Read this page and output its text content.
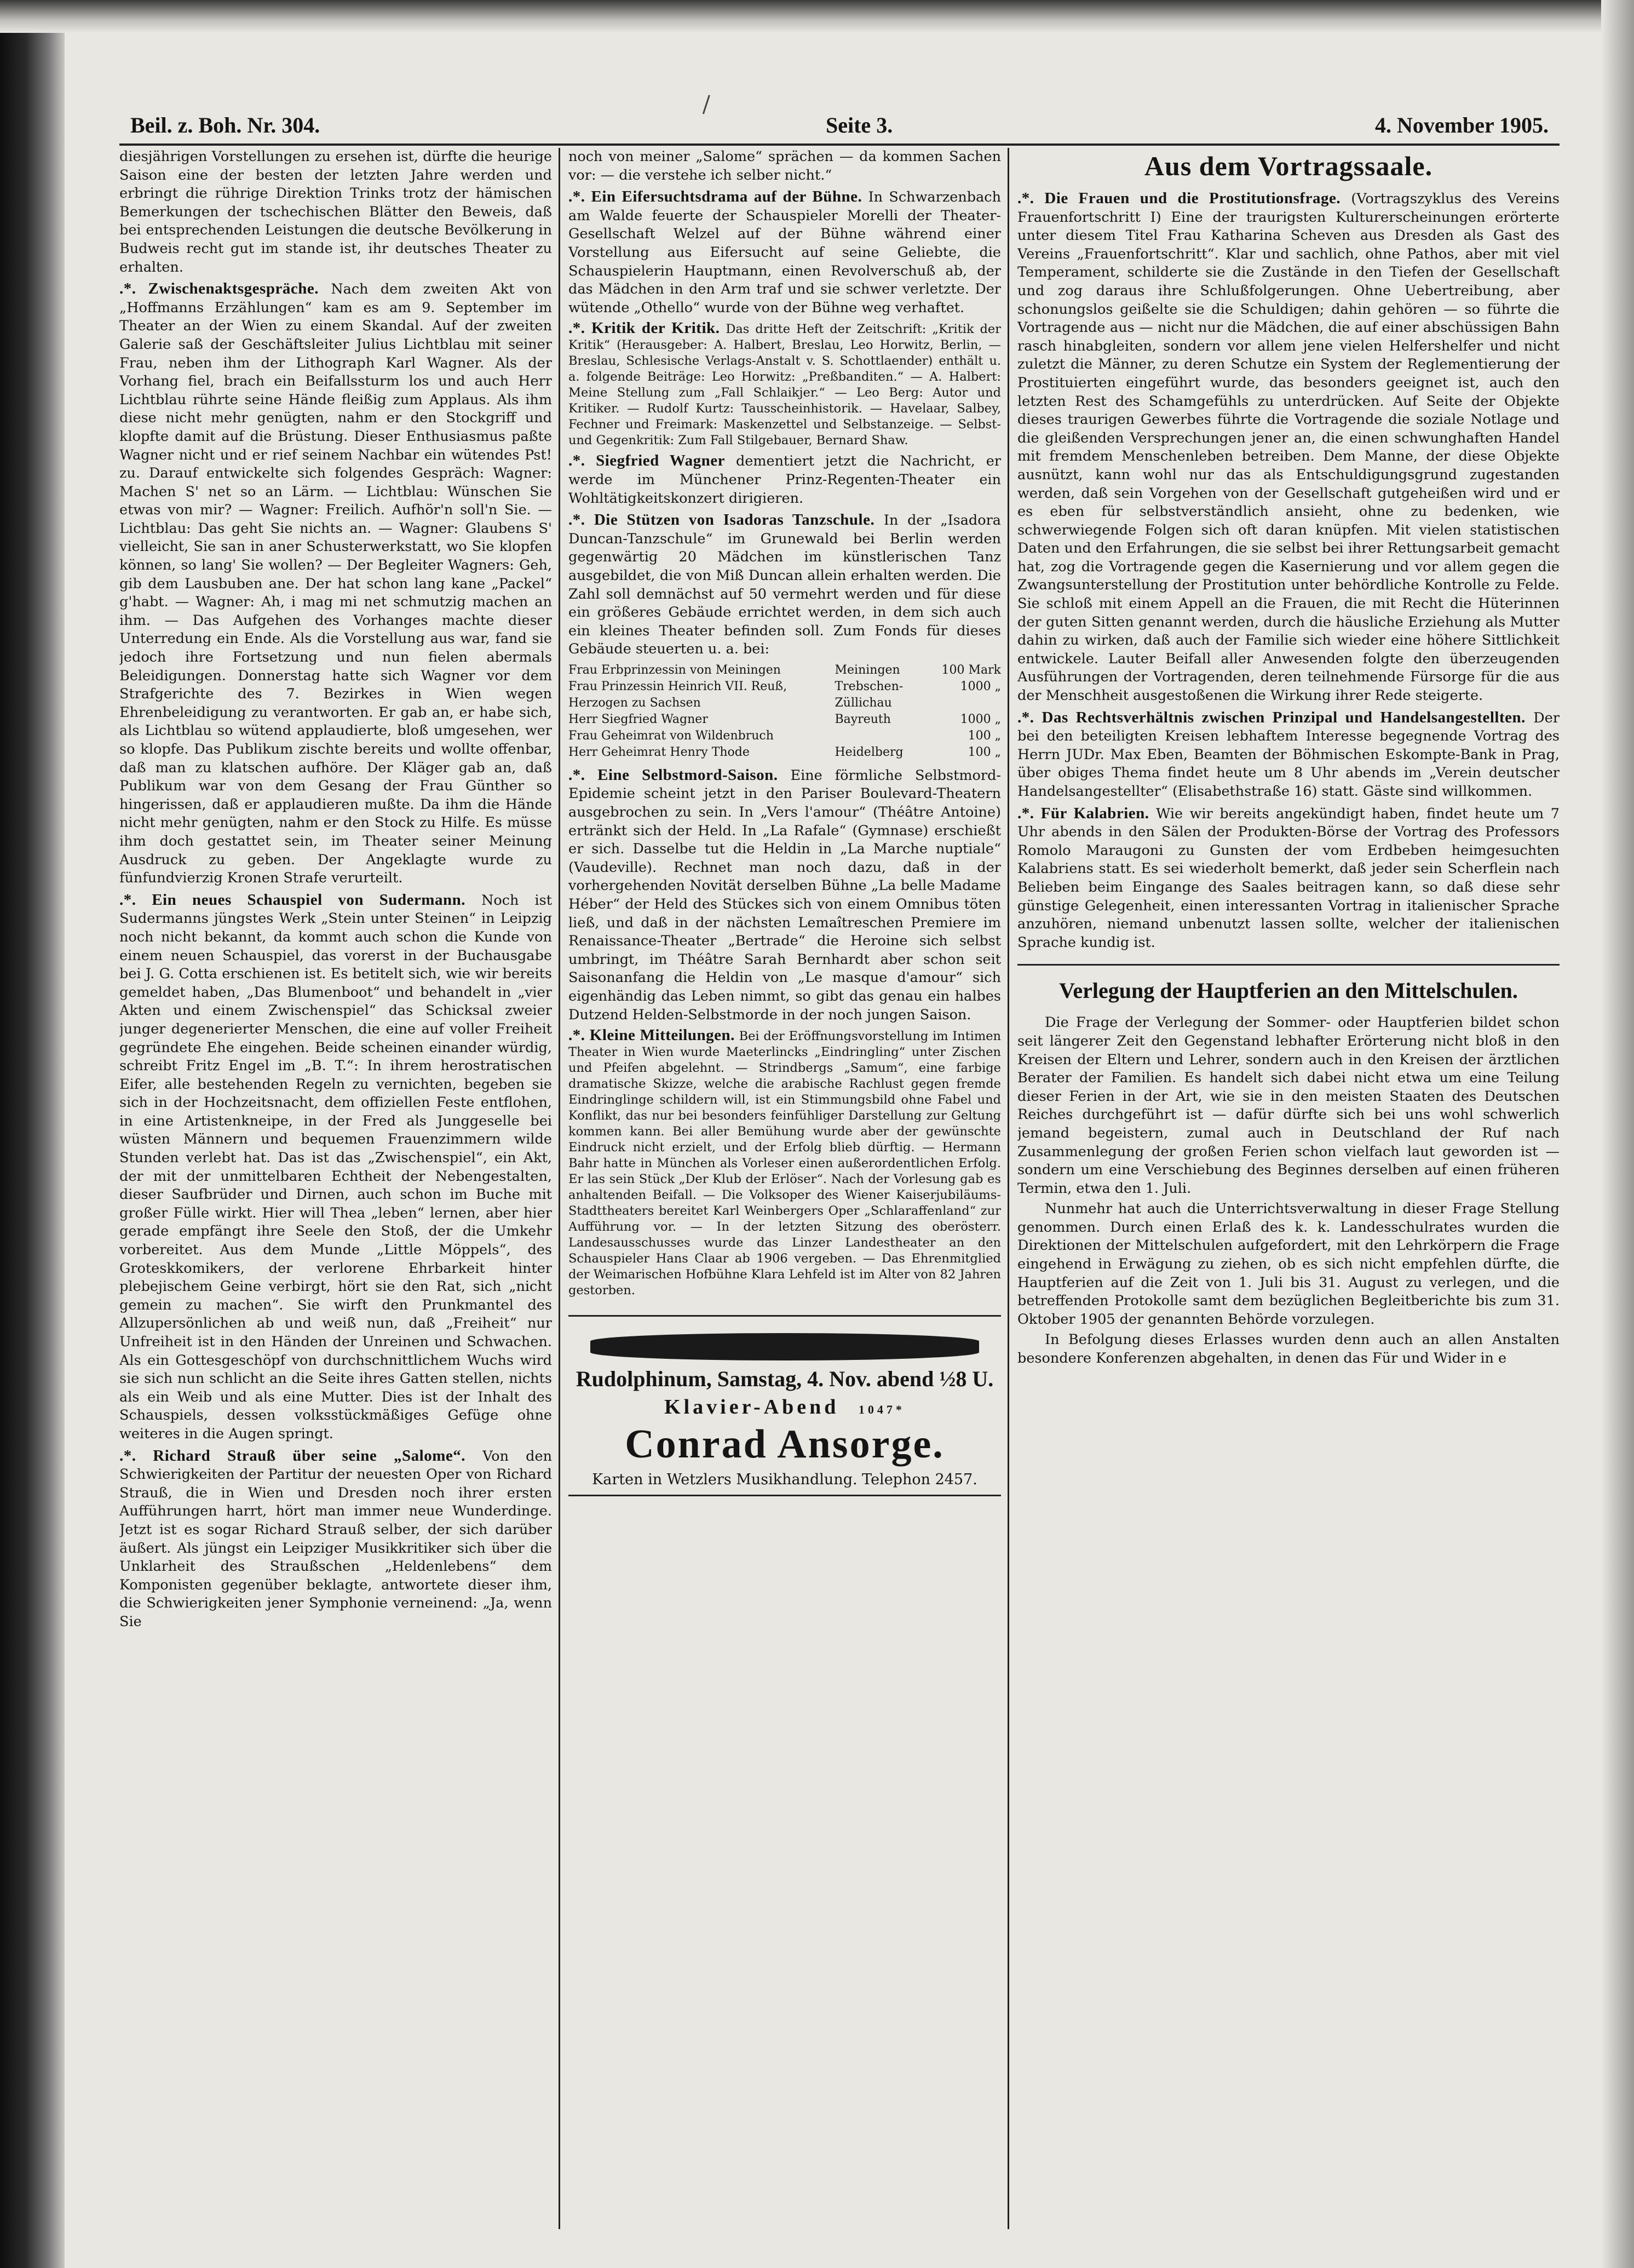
Beil. z. Boh. Nr. 304.	Seite 3.	4. November 1905.

diesjährigen Vorstellungen zu ersehen ist, dürfte die heurige Saison eine der besten der letzten Jahre werden und erbringt die rührige Direktion Trinks trotz der hämischen Bemerkungen der tschechischen Blätter den Beweis, daß bei entsprechenden Leistungen die deutsche Bevölkerung in Budweis recht gut im stande ist, ihr deutsches Theater zu erhalten.

.*. Zwischenaktsgespräche. Nach dem zweiten Akt von „Hoffmanns Erzählungen“ kam es am 9. September im Theater an der Wien zu einem Skandal. Auf der zweiten Galerie saß der Geschäftsleiter Julius Lichtblau mit seiner Frau, neben ihm der Lithograph Karl Wagner. Als der Vorhang fiel, brach ein Beifallssturm los und auch Herr Lichtblau rührte seine Hände fleißig zum Applaus. Als ihm diese nicht mehr genügten, nahm er den Stockgriff und klopfte damit auf die Brüstung. Dieser Enthusiasmus paßte Wagner nicht und er rief seinem Nachbar ein wütendes Pst! zu. Darauf entwickelte sich folgendes Gespräch: Wagner: Machen S' net so an Lärm. — Lichtblau: Wünschen Sie etwas von mir? — Wagner: Freilich. Aufhör'n soll'n Sie. — Lichtblau: Das geht Sie nichts an. — Wagner: Glaubens S' vielleicht, Sie san in aner Schusterwerkstatt, wo Sie klopfen können, so lang' Sie wollen? — Der Begleiter Wagners: Geh, gib dem Lausbuben ane. Der hat schon lang kane „Packel“ g'habt. — Wagner: Ah, i mag mi net schmutzig machen an ihm. — Das Aufgehen des Vorhanges machte dieser Unterredung ein Ende. Als die Vorstellung aus war, fand sie jedoch ihre Fortsetzung und nun fielen abermals Beleidigungen. Donnerstag hatte sich Wagner vor dem Strafgerichte des 7. Bezirkes in Wien wegen Ehrenbeleidigung zu verantworten. Er gab an, er habe sich, als Lichtblau so wütend applaudierte, bloß umgesehen, wer so klopfe. Das Publikum zischte bereits und wollte offenbar, daß man zu klatschen aufhöre. Der Kläger gab an, daß Publikum war von dem Gesang der Frau Günther so hingerissen, daß er applaudieren mußte. Da ihm die Hände nicht mehr genügten, nahm er den Stock zu Hilfe. Es müsse ihm doch gestattet sein, im Theater seiner Meinung Ausdruck zu geben. Der Angeklagte wurde zu fünfundvierzig Kronen Strafe verurteilt.

.*. Ein neues Schauspiel von Sudermann. Noch ist Sudermanns jüngstes Werk „Stein unter Steinen“ in Leipzig noch nicht bekannt, da kommt auch schon die Kunde von einem neuen Schauspiel, das vorerst in der Buchausgabe bei J. G. Cotta erschienen ist. Es betitelt sich, wie wir bereits gemeldet haben, „Das Blumenboot“ und behandelt in „vier Akten und einem Zwischenspiel“ das Schicksal zweier junger degenerierter Menschen, die eine auf voller Freiheit gegründete Ehe eingehen. Beide scheinen einander würdig, schreibt Fritz Engel im „B. T.“: In ihrem herostratischen Eifer, alle bestehenden Regeln zu vernichten, begeben sie sich in der Hochzeitsnacht, dem offiziellen Feste entflohen, in eine Artistenkneipe, in der Fred als Junggeselle bei wüsten Männern und bequemen Frauenzimmern wilde Stunden verlebt hat. Das ist das „Zwischenspiel“, ein Akt, der mit der unmittelbaren Echtheit der Nebengestalten, dieser Saufbrüder und Dirnen, auch schon im Buche mit großer Fülle wirkt. Hier will Thea „leben“ lernen, aber hier gerade empfängt ihre Seele den Stoß, der die Umkehr vorbereitet. Aus dem Munde „Little Möppels“, des Groteskkomikers, der verlorene Ehrbarkeit hinter plebejischem Geine verbirgt, hört sie den Rat, sich „nicht gemein zu machen“. Sie wirft den Prunkmantel des Allzupersönlichen ab und weiß nun, daß „Freiheit“ nur Unfreiheit ist in den Händen der Unreinen und Schwachen. Als ein Gottesgeschöpf von durchschnittlichem Wuchs wird sie sich nun schlicht an die Seite ihres Gatten stellen, nichts als ein Weib und als eine Mutter. Dies ist der Inhalt des Schauspiels, dessen volksstückmäßiges Gefüge ohne weiteres in die Augen springt.

.*. Richard Strauß über seine „Salome“. Von den Schwierigkeiten der Partitur der neuesten Oper von Richard Strauß, die in Wien und Dresden noch ihrer ersten Aufführungen harrt, hört man immer neue Wunderdinge. Jetzt ist es sogar Richard Strauß selber, der sich darüber äußert. Als jüngst ein Leipziger Musikkritiker sich über die Unklarheit des Straußschen „Heldenlebens“ dem Komponisten gegenüber beklagte, antwortete dieser ihm, die Schwierigkeiten jener Symphonie verneinend: „Ja, wenn Sie

noch von meiner „Salome“ sprächen — da kommen Sachen vor: — die verstehe ich selber nicht.“

.*. Ein Eifersuchtsdrama auf der Bühne. In Schwarzenbach am Walde feuerte der Schauspieler Morelli der Theater-Gesellschaft Welzel auf der Bühne während einer Vorstellung aus Eifersucht auf seine Geliebte, die Schauspielerin Hauptmann, einen Revolverschuß ab, der das Mädchen in den Arm traf und sie schwer verletzte. Der wütende „Othello“ wurde von der Bühne weg verhaftet.

.*. Kritik der Kritik. Das dritte Heft der Zeitschrift: „Kritik der Kritik“ (Herausgeber: A. Halbert, Breslau, Leo Horwitz, Berlin, — Breslau, Schlesische Verlags-Anstalt v. S. Schottlaender) enthält u. a. folgende Beiträge: Leo Horwitz: „Preßbanditen.“ — A. Halbert: Meine Stellung zum „Fall Schlaikjer.“ — Leo Berg: Autor und Kritiker. — Rudolf Kurtz: Tausscheinhistorik. — Havelaar, Salbey, Fechner und Freimark: Maskenzettel und Selbstanzeige. — Selbst- und Gegenkritik: Zum Fall Stilgebauer, Bernard Shaw.

.*. Siegfried Wagner dementiert jetzt die Nachricht, er werde im Münchener Prinz-Regenten-Theater ein Wohltätigkeitskonzert dirigieren.

.*. Die Stützen von Isadoras Tanzschule. In der „Isadora Duncan-Tanzschule“ im Grunewald bei Berlin werden gegenwärtig 20 Mädchen im künstlerischen Tanz ausgebildet, die von Miß Duncan allein erhalten werden. Die Zahl soll demnächst auf 50 vermehrt werden und für diese ein größeres Gebäude errichtet werden, in dem sich auch ein kleines Theater befinden soll. Zum Fonds für dieses Gebäude steuerten u. a. bei:

Frau Erbprinzessin von Meiningen	Meiningen	100 Mark
Frau Prinzessin Heinrich VII. Reuß, Herzogen zu Sachsen	Trebschen-Züllichau	1000 „
Herr Siegfried Wagner	Bayreuth	1000 „
Frau Geheimrat von Wildenbruch		100 „
Herr Geheimrat Henry Thode	Heidelberg	100 „

.*. Eine Selbstmord-Saison. Eine förmliche Selbstmord-Epidemie scheint jetzt in den Pariser Boulevard-Theatern ausgebrochen zu sein. In „Vers l'amour“ (Théâtre Antoine) ertränkt sich der Held. In „La Rafale“ (Gymnase) erschießt er sich. Dasselbe tut die Heldin in „La Marche nuptiale“ (Vaudeville). Rechnet man noch dazu, daß in der vorhergehenden Novität derselben Bühne „La belle Madame Héber“ der Held des Stückes sich von einem Omnibus töten ließ, und daß in der nächsten Lemaîtreschen Premiere im Renaissance-Theater „Bertrade“ die Heroine sich selbst umbringt, im Théâtre Sarah Bernhardt aber schon seit Saisonanfang die Heldin von „Le masque d'amour“ sich eigenhändig das Leben nimmt, so gibt das genau ein halbes Dutzend Helden-Selbstmorde in der noch jungen Saison.

.*. Kleine Mitteilungen. Bei der Eröffnungsvorstellung im Intimen Theater in Wien wurde Maeterlincks „Eindringling“ unter Zischen und Pfeifen abgelehnt. — Strindbergs „Samum“, eine farbige dramatische Skizze, welche die arabische Rachlust gegen fremde Eindringlinge schildern will, ist ein Stimmungsbild ohne Fabel und Konflikt, das nur bei besonders feinfühliger Darstellung zur Geltung kommen kann. Bei aller Bemühung wurde aber der gewünschte Eindruck nicht erzielt, und der Erfolg blieb dürftig. — Hermann Bahr hatte in München als Vorleser einen außerordentlichen Erfolg. Er las sein Stück „Der Klub der Erlöser“. Nach der Vorlesung gab es anhaltenden Beifall. — Die Volksoper des Wiener Kaiserjubiläums-Stadttheaters bereitet Karl Weinbergers Oper „Schlaraffenland“ zur Aufführung vor. — In der letzten Sitzung des oberösterr. Landesausschusses wurde das Linzer Landestheater an den Schauspieler Hans Claar ab 1906 vergeben. — Das Ehrenmitglied der Weimarischen Hofbühne Klara Lehfeld ist im Alter von 82 Jahren gestorben.

Rudolphinum, Samstag, 4. Nov. abend ½8 U.
Klavier-Abend 1047*
Conrad Ansorge.
Karten in Wetzlers Musikhandlung. Telephon 2457.
Aus dem Vortragssaale.

.*. Die Frauen und die Prostitutionsfrage. (Vortragszyklus des Vereins Frauenfortschritt I) Eine der traurigsten Kulturerscheinungen erörterte unter diesem Titel Frau Katharina Scheven aus Dresden als Gast des Vereins „Frauenfortschritt“. Klar und sachlich, ohne Pathos, aber mit viel Temperament, schilderte sie die Zustände in den Tiefen der Gesellschaft und zog daraus ihre Schlußfolgerungen. Ohne Uebertreibung, aber schonungslos geißelte sie die Schuldigen; dahin gehören — so führte die Vortragende aus — nicht nur die Mädchen, die auf einer abschüssigen Bahn rasch hinabgleiten, sondern vor allem jene vielen Helfershelfer und nicht zuletzt die Männer, zu deren Schutze ein System der Reglementierung der Prostituierten eingeführt wurde, das besonders geeignet ist, auch den letzten Rest des Schamgefühls zu unterdrücken. Auf Seite der Objekte dieses traurigen Gewerbes führte die Vortragende die soziale Notlage und die gleißenden Versprechungen jener an, die einen schwunghaften Handel mit fremdem Menschenleben betreiben. Dem Manne, der diese Objekte ausnützt, kann wohl nur das als Entschuldigungsgrund zugestanden werden, daß sein Vorgehen von der Gesellschaft gutgeheißen wird und er es eben für selbstverständlich ansieht, ohne zu bedenken, wie schwerwiegende Folgen sich oft daran knüpfen. Mit vielen statistischen Daten und den Erfahrungen, die sie selbst bei ihrer Rettungsarbeit gemacht hat, zog die Vortragende gegen die Kasernierung und vor allem gegen die Zwangsunterstellung der Prostitution unter behördliche Kontrolle zu Felde. Sie schloß mit einem Appell an die Frauen, die mit Recht die Hüterinnen der guten Sitten genannt werden, durch die häusliche Erziehung als Mutter dahin zu wirken, daß auch der Familie sich wieder eine höhere Sittlichkeit entwickele. Lauter Beifall aller Anwesenden folgte den überzeugenden Ausführungen der Vortragenden, deren teilnehmende Fürsorge für die aus der Menschheit ausgestoßenen die Wirkung ihrer Rede steigerte.

.*. Das Rechtsverhältnis zwischen Prinzipal und Handelsangestellten. Der bei den beteiligten Kreisen lebhaftem Interesse begegnende Vortrag des Herrn JUDr. Max Eben, Beamten der Böhmischen Eskompte-Bank in Prag, über obiges Thema findet heute um 8 Uhr abends im „Verein deutscher Handelsangestellter“ (Elisabethstraße 16) statt. Gäste sind willkommen.

.*. Für Kalabrien. Wie wir bereits angekündigt haben, findet heute um 7 Uhr abends in den Sälen der Produkten-Börse der Vortrag des Professors Romolo Maraugoni zu Gunsten der vom Erdbeben heimgesuchten Kalabriens statt. Es sei wiederholt bemerkt, daß jeder sein Scherflein nach Belieben beim Eingange des Saales beitragen kann, so daß diese sehr günstige Gelegenheit, einen interessanten Vortrag in italienischer Sprache anzuhören, niemand unbenutzt lassen sollte, welcher der italienischen Sprache kundig ist.

Verlegung der Hauptferien an den Mittelschulen.

Die Frage der Verlegung der Sommer- oder Hauptferien bildet schon seit längerer Zeit den Gegenstand lebhafter Erörterung nicht bloß in den Kreisen der Eltern und Lehrer, sondern auch in den Kreisen der ärztlichen Berater der Familien. Es handelt sich dabei nicht etwa um eine Teilung dieser Ferien in der Art, wie sie in den meisten Staaten des Deutschen Reiches durchgeführt ist — dafür dürfte sich bei uns wohl schwerlich jemand begeistern, zumal auch in Deutschland der Ruf nach Zusammenlegung der großen Ferien schon vielfach laut geworden ist — sondern um eine Verschiebung des Beginnes derselben auf einen früheren Termin, etwa den 1. Juli.

Nunmehr hat auch die Unterrichtsverwaltung in dieser Frage Stellung genommen. Durch einen Erlaß des k. k. Landesschulrates wurden die Direktionen der Mittelschulen aufgefordert, mit den Lehrkörpern die Frage eingehend in Erwägung zu ziehen, ob es sich nicht empfehlen dürfte, die Hauptferien auf die Zeit von 1. Juli bis 31. August zu verlegen, und die betreffenden Protokolle samt dem bezüglichen Begleitberichte bis zum 31. Oktober 1905 der genannten Behörde vorzulegen.

In Befolgung dieses Erlasses wurden denn auch an allen Anstalten besondere Konferenzen abgehalten, in denen das Für und Wider in e
